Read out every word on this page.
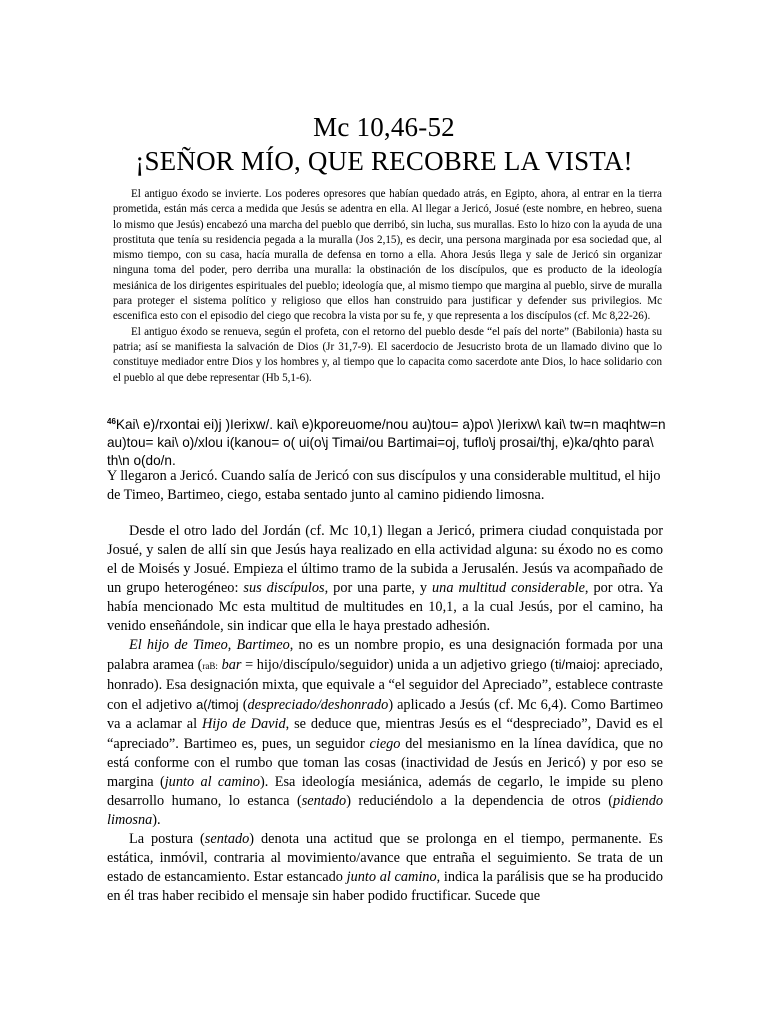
Mc 10,46-52
¡SEÑOR MÍO, QUE RECOBRE LA VISTA!

El antiguo éxodo se invierte. Los poderes opresores que habían quedado atrás, en Egipto, ahora, al entrar en la tierra prometida, están más cerca a medida que Jesús se adentra en ella. Al llegar a Jericó, Josué (este nombre, en hebreo, suena lo mismo que Jesús) encabezó una marcha del pueblo que derribó, sin lucha, sus murallas. Esto lo hizo con la ayuda de una prostituta que tenía su residencia pegada a la muralla (Jos 2,15), es decir, una persona marginada por esa sociedad que, al mismo tiempo, con su casa, hacía muralla de defensa en torno a ella. Ahora Jesús llega y sale de Jericó sin organizar ninguna toma del poder, pero derriba una muralla: la obstinación de los discípulos, que es producto de la ideología mesiánica de los dirigentes espirituales del pueblo; ideología que, al mismo tiempo que margina al pueblo, sirve de muralla para proteger el sistema político y religioso que ellos han construido para justificar y defender sus privilegios. Mc escenifica esto con el episodio del ciego que recobra la vista por su fe, y que representa a los discípulos (cf. Mc 8,22-26).

El antiguo éxodo se renueva, según el profeta, con el retorno del pueblo desde “el país del norte” (Babilonia) hasta su patria; así se manifiesta la salvación de Dios (Jr 31,7-9). El sacerdocio de Jesucristo brota de un llamado divino que lo constituye mediador entre Dios y los hombres y, al tiempo que lo capacita como sacerdote ante Dios, lo hace solidario con el pueblo al que debe representar (Hb 5,1-6).

$^{46}$Kai\ e)/rxontai ei)j )Ierixw/. kai\ e)kporeuome/nou au)tou= a)po\ )Ierixw\ kai\ tw=n maqhtw=n au)tou= kai\ o)/xlou i(kanou= o( ui(o\j Timai/ou Bartimai=oj, tuflo\j prosai/thj, e)ka/qhto para\ th\n o(do/n.
Y llegaron a Jericó. Cuando salía de Jericó con sus discípulos y una considerable multitud, el hijo de Timeo, Bartimeo, ciego, estaba sentado junto al camino pidiendo limosna.

Desde el otro lado del Jordán (cf. Mc 10,1) llegan a Jericó, primera ciudad conquistada por Josué, y salen de allí sin que Jesús haya realizado en ella actividad alguna: su éxodo no es como el de Moisés y Josué. Empieza el último tramo de la subida a Jerusalén. Jesús va acompañado de un grupo heterogéneo: sus discípulos, por una parte, y una multitud considerable, por otra. Ya había mencionado Mc esta multitud de multitudes en 10,1, a la cual Jesús, por el camino, ha venido enseñándole, sin indicar que ella le haya prestado adhesión.

El hijo de Timeo, Bartimeo, no es un nombre propio, es una designación formada por una palabra aramea (raB: bar = hijo/discípulo/seguidor) unida a un adjetivo griego (ti/maioj: apreciado, honrado). Esa designación mixta, que equivale a “el seguidor del Apreciado”, establece contraste con el adjetivo a(/timoj (despreciado/deshonrado) aplicado a Jesús (cf. Mc 6,4). Como Bartimeo va a aclamar al Hijo de David, se deduce que, mientras Jesús es el “despreciado”, David es el “apreciado”. Bartimeo es, pues, un seguidor ciego del mesianismo en la línea davídica, que no está conforme con el rumbo que toman las cosas (inactividad de Jesús en Jericó) y por eso se margina (junto al camino). Esa ideología mesiánica, además de cegarlo, le impide su pleno desarrollo humano, lo estanca (sentado) reduciéndolo a la dependencia de otros (pidiendo limosna).

La postura (sentado) denota una actitud que se prolonga en el tiempo, permanente. Es estática, inmóvil, contraria al movimiento/avance que entraña el seguimiento. Se trata de un estado de estancamiento. Estar estancado junto al camino, indica la parálisis que se ha producido en él tras haber recibido el mensaje sin haber podido fructificar. Sucede que
